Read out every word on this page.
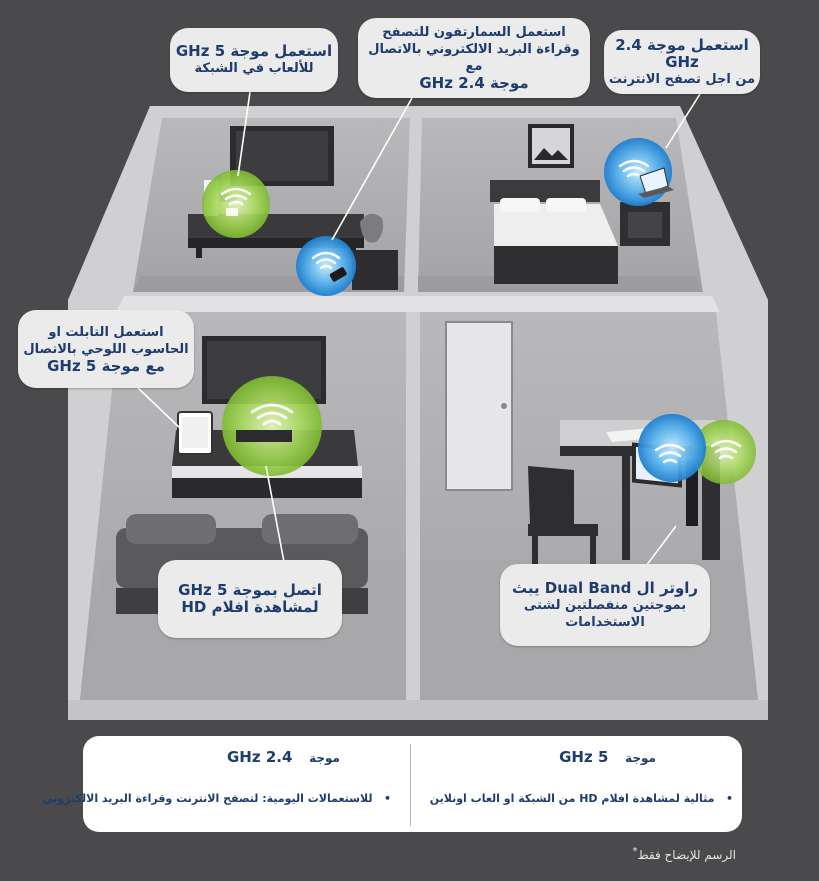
استعمل موجة 5 GHz
للألعاب في الشبكة
استعمل السمارتفون للتصفح
وقراءة البريد الالكتروني بالاتصال مع
موجة 2.4 GHz
استعمل موجة 2.4 GHz
من اجل تصفح الانترنت
استعمل التابلت او
الحاسوب اللوحي بالاتصال
مع موجة 5 GHz
اتصل بموجة 5 GHz
لمشاهدة افلام HD
راوتر ال Dual Band يبث
بموجتين منفصلتين لشتى
الاستخدامات
موجة    2.4 GHz
•   للاستعمالات اليومية: لتصفح الانترنت وقراءة البريد الالكتروني
موجة    5 GHz
•   مثالية لمشاهدة افلام HD من الشبكة او العاب اونلاين
الرسم للإيضاح فقط*
